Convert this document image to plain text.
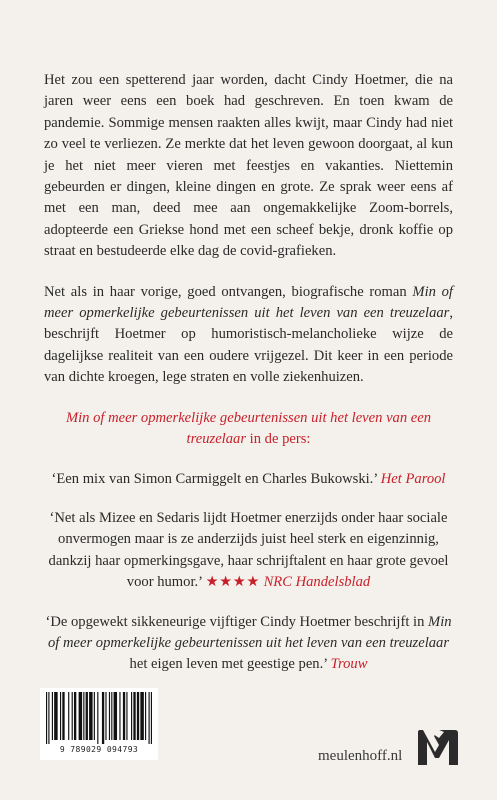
Het zou een spetterend jaar worden, dacht Cindy Hoetmer, die na jaren weer eens een boek had geschreven. En toen kwam de pandemie. Sommige mensen raakten alles kwijt, maar Cindy had niet zo veel te verliezen. Ze merkte dat het leven gewoon doorgaat, al kun je het niet meer vieren met feestjes en vakanties. Niettemin gebeurden er dingen, kleine dingen en grote. Ze sprak weer eens af met een man, deed mee aan ongemakkelijke Zoom-borrels, adopteerde een Griekse hond met een scheef bekje, dronk koffie op straat en bestudeerde elke dag de covid-grafieken.

Net als in haar vorige, goed ontvangen, biografische roman Min of meer opmerkelijke gebeurtenissen uit het leven van een treuzelaar, beschrijft Hoetmer op humoristisch-melancholieke wijze de dagelijkse realiteit van een oudere vrijgezel. Dit keer in een periode van dichte kroegen, lege straten en volle ziekenhuizen.

Min of meer opmerkelijke gebeurtenissen uit het leven van een treuzelaar in de pers:
‘Een mix van Simon Carmiggelt en Charles Bukowski.’ Het Parool
‘Net als Mizee en Sedaris lijdt Hoetmer enerzijds onder haar sociale onvermogen maar is ze anderzijds juist heel sterk en eigenzinnig, dankzij haar opmerkingsgave, haar schrijftalent en haar grote gevoel voor humor.’ ★★★★ NRC Handelsblad
‘De opgewekt sikkeneurige vijftiger Cindy Hoetmer beschrijft in Min of meer opmerkelijke gebeurtenissen uit het leven van een treuzelaar het eigen leven met geestige pen.’ Trouw
9 789029 094793	meulenhoff.nl
